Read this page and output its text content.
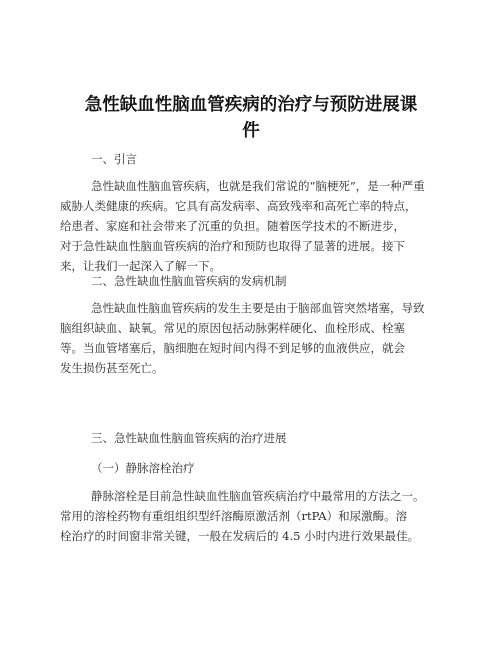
急性缺血性脑血管疾病的治疗与预防进展课
件
一、引言
急性缺血性脑血管疾病，也就是我们常说的“脑梗死”，是一种严重
威胁人类健康的疾病。它具有高发病率、高致残率和高死亡率的特点，
给患者、家庭和社会带来了沉重的负担。随着医学技术的不断进步，
对于急性缺血性脑血管疾病的治疗和预防也取得了显著的进展。接下
来，让我们一起深入了解一下。
二、急性缺血性脑血管疾病的发病机制
急性缺血性脑血管疾病的发生主要是由于脑部血管突然堵塞，导致
脑组织缺血、缺氧。常见的原因包括动脉粥样硬化、血栓形成、栓塞
等。当血管堵塞后，脑细胞在短时间内得不到足够的血液供应，就会
发生损伤甚至死亡。
三、急性缺血性脑血管疾病的治疗进展
（一）静脉溶栓治疗
静脉溶栓是目前急性缺血性脑血管疾病治疗中最常用的方法之一。
常用的溶栓药物有重组组织型纤溶酶原激活剂（rtPA）和尿激酶。溶
栓治疗的时间窗非常关键，一般在发病后的 4.5 小时内进行效果最佳。
